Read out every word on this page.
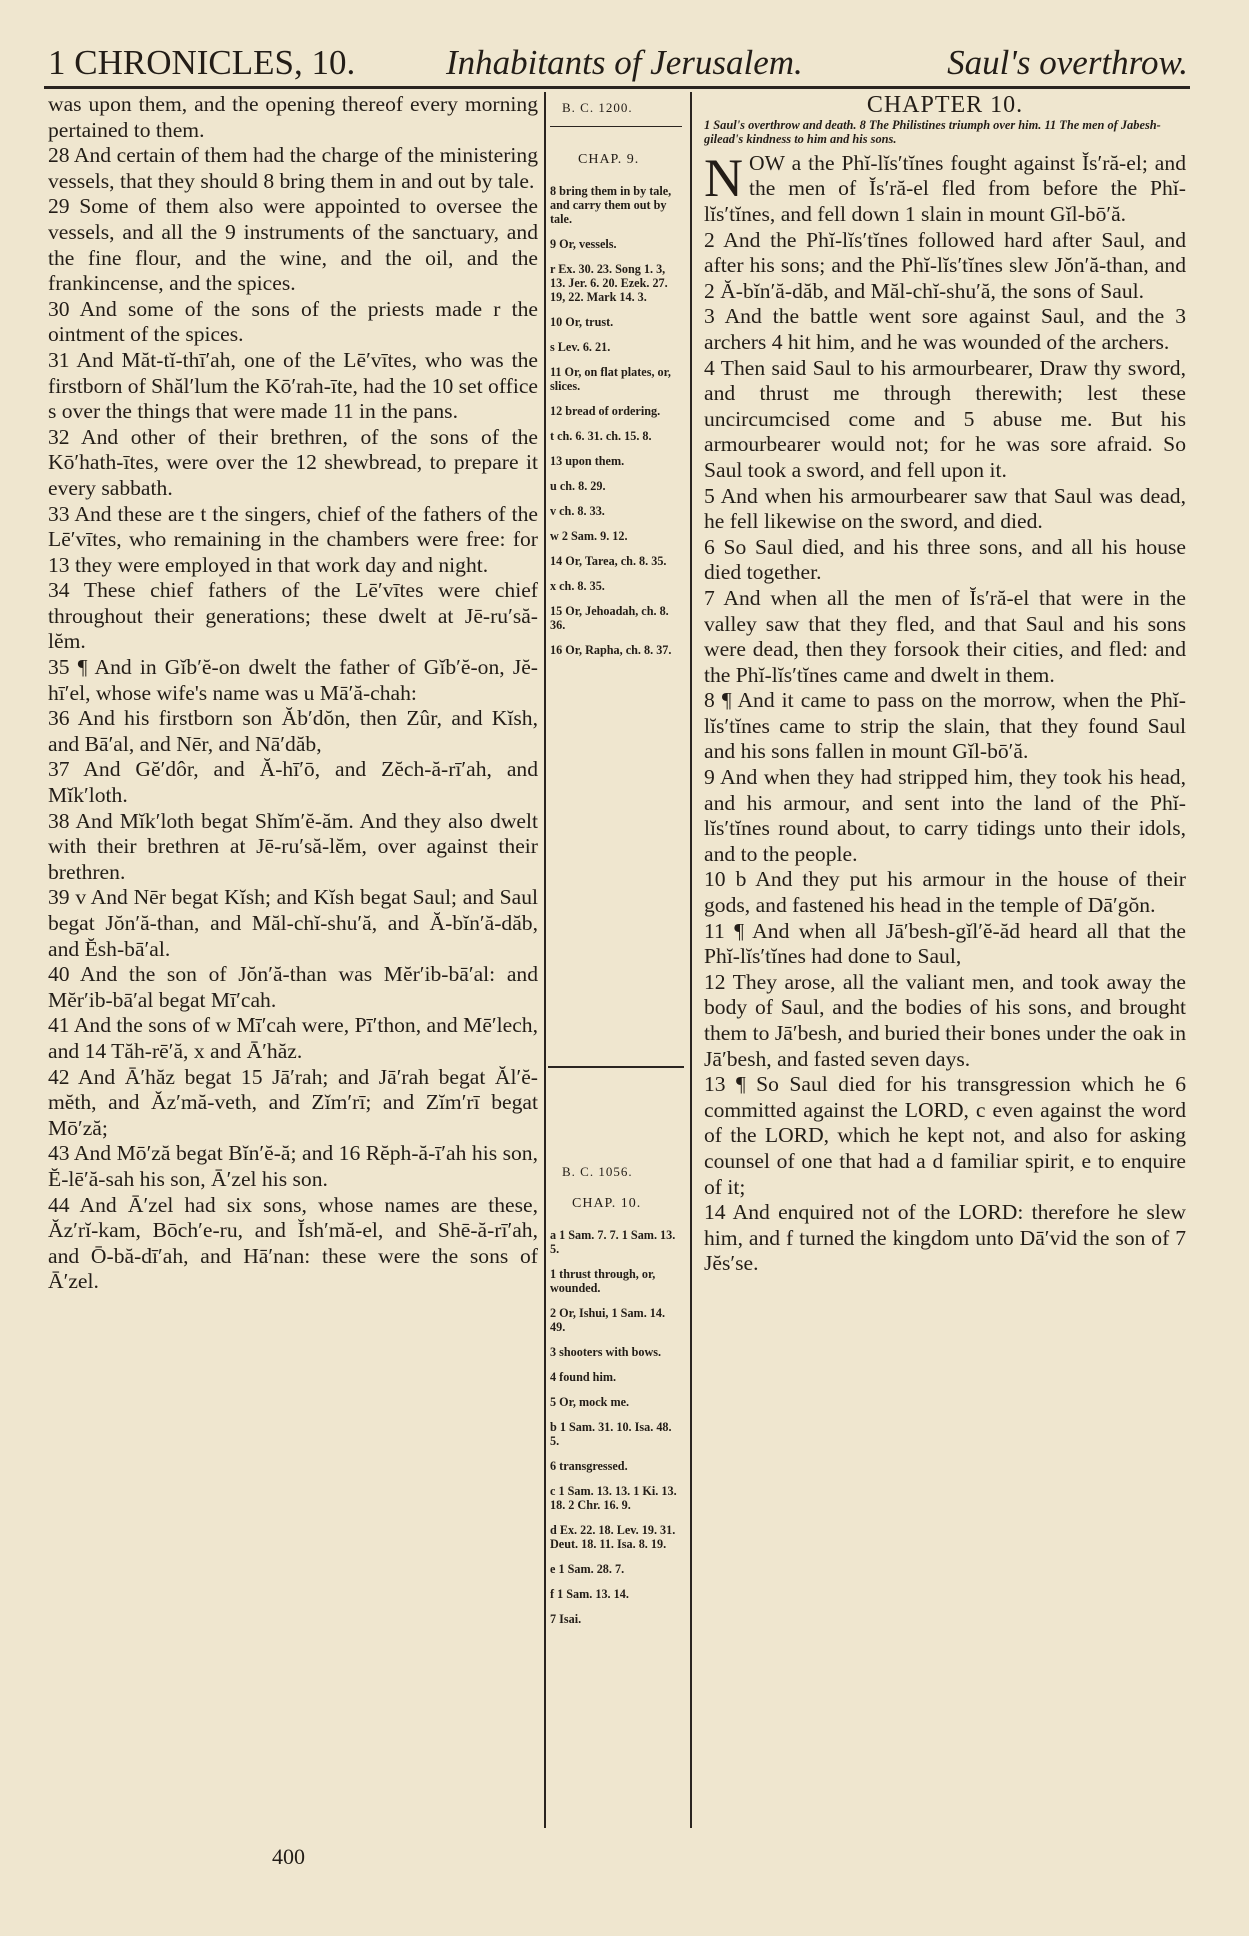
1 CHRONICLES, 10.	Inhabitants of Jerusalem.	Saul's overthrow.

was upon them, and the opening thereof every morning pertained to them.

28 And certain of them had the charge of the ministering vessels, that they should 8 bring them in and out by tale.

29 Some of them also were appointed to oversee the vessels, and all the 9 instruments of the sanctuary, and the fine flour, and the wine, and the oil, and the frankincense, and the spices.

30 And some of the sons of the priests made r the ointment of the spices.

31 And Măt-tĭ-thī′ah, one of the Lē′vītes, who was the firstborn of Shăl′lum the Kō′rah-īte, had the 10 set office s over the things that were made 11 in the pans.

32 And other of their brethren, of the sons of the Kō′hath-ītes, were over the 12 shewbread, to prepare it every sabbath.

33 And these are t the singers, chief of the fathers of the Lē′vītes, who remaining in the chambers were free: for 13 they were employed in that work day and night.

34 These chief fathers of the Lē′vītes were chief throughout their generations; these dwelt at Jē-ru′să-lĕm.

35 ¶ And in Gĭb′ĕ-on dwelt the father of Gĭb′ĕ-on, Jĕ-hī′el, whose wife's name was u Mā′ă-chah:

36 And his firstborn son Ăb′dŏn, then Zûr, and Kĭsh, and Bā′al, and Nēr, and Nā′dăb,

37 And Gĕ′dôr, and Ă-hī′ō, and Zĕch-ă-rī′ah, and Mĭk′loth.

38 And Mĭk′loth begat Shĭm′ĕ-ăm. And they also dwelt with their brethren at Jē-ru′să-lĕm, over against their brethren.

39 v And Nēr begat Kĭsh; and Kĭsh begat Saul; and Saul begat Jŏn′ă-than, and Măl-chĭ-shu′ă, and Ă-bĭn′ă-dăb, and Ĕsh-bā′al.

40 And the son of Jŏn′ă-than was Mĕr′ib-bā′al: and Mĕr′ib-bā′al begat Mī′cah.

41 And the sons of w Mī′cah were, Pī′thon, and Mē′lech, and 14 Tăh-rē′ă, x and Ā′hăz.

42 And Ā′hăz begat 15 Jā′rah; and Jā′rah begat Ăl′ĕ-mĕth, and Ăz′mă-veth, and Zĭm′rī; and Zĭm′rī begat Mō′ză;

43 And Mō′ză begat Bĭn′ĕ-ă; and 16 Rĕph-ă-ī′ah his son, Ĕ-lē′ă-sah his son, Ā′zel his son.

44 And Ā′zel had six sons, whose names are these, Ăz′rĭ-kam, Bōch′e-ru, and Ĭsh′mă-el, and Shē-ă-rī′ah, and Ō-bă-dī′ah, and Hā′nan: these were the sons of Ā′zel.

B. C. 1200.
CHAP. 9.

8 bring them in by tale, and carry them out by tale.

9 Or, vessels.

r Ex. 30. 23. Song 1. 3, 13. Jer. 6. 20. Ezek. 27. 19, 22. Mark 14. 3.

10 Or, trust.

s Lev. 6. 21.

11 Or, on flat plates, or, slices.

12 bread of ordering.

t ch. 6. 31. ch. 15. 8.

13 upon them.

u ch. 8. 29.

v ch. 8. 33.

w 2 Sam. 9. 12.

14 Or, Tarea, ch. 8. 35.

x ch. 8. 35.

15 Or, Jehoadah, ch. 8. 36.

16 Or, Rapha, ch. 8. 37.

B. C. 1056.
CHAP. 10.

a 1 Sam. 7. 7. 1 Sam. 13. 5.

1 thrust through, or, wounded.

2 Or, Ishui, 1 Sam. 14. 49.

3 shooters with bows.

4 found him.

5 Or, mock me.

b 1 Sam. 31. 10. Isa. 48. 5.

6 transgressed.

c 1 Sam. 13. 13. 1 Ki. 13. 18. 2 Chr. 16. 9.

d Ex. 22. 18. Lev. 19. 31. Deut. 18. 11. Isa. 8. 19.

e 1 Sam. 28. 7.

f 1 Sam. 13. 14.

7 Isai.

CHAPTER 10.

1 Saul's overthrow and death. 8 The Philistines triumph over him. 11 The men of Jabesh-gilead's kindness to him and his sons.

NOW a the Phĭ-lĭs′tĭnes fought against Ĭs′ră-el; and the men of Ĭs′ră-el fled from before the Phĭ-lĭs′tĭnes, and fell down 1 slain in mount Gĭl-bō′ă.

2 And the Phĭ-lĭs′tĭnes followed hard after Saul, and after his sons; and the Phĭ-lĭs′tĭnes slew Jŏn′ă-than, and 2 Ă-bĭn′ă-dăb, and Măl-chĭ-shu′ă, the sons of Saul.

3 And the battle went sore against Saul, and the 3 archers 4 hit him, and he was wounded of the archers.

4 Then said Saul to his armourbearer, Draw thy sword, and thrust me through therewith; lest these uncircumcised come and 5 abuse me. But his armourbearer would not; for he was sore afraid. So Saul took a sword, and fell upon it.

5 And when his armourbearer saw that Saul was dead, he fell likewise on the sword, and died.

6 So Saul died, and his three sons, and all his house died together.

7 And when all the men of Ĭs′ră-el that were in the valley saw that they fled, and that Saul and his sons were dead, then they forsook their cities, and fled: and the Phĭ-lĭs′tĭnes came and dwelt in them.

8 ¶ And it came to pass on the morrow, when the Phĭ-lĭs′tĭnes came to strip the slain, that they found Saul and his sons fallen in mount Gĭl-bō′ă.

9 And when they had stripped him, they took his head, and his armour, and sent into the land of the Phĭ-lĭs′tĭnes round about, to carry tidings unto their idols, and to the people.

10 b And they put his armour in the house of their gods, and fastened his head in the temple of Dā′gŏn.

11 ¶ And when all Jā′besh-gĭl′ĕ-ăd heard all that the Phĭ-lĭs′tĭnes had done to Saul,

12 They arose, all the valiant men, and took away the body of Saul, and the bodies of his sons, and brought them to Jā′besh, and buried their bones under the oak in Jā′besh, and fasted seven days.

13 ¶ So Saul died for his transgression which he 6 committed against the LORD, c even against the word of the LORD, which he kept not, and also for asking counsel of one that had a d familiar spirit, e to enquire of it;

14 And enquired not of the LORD: therefore he slew him, and f turned the kingdom unto Dā′vid the son of 7 Jĕs′se.

400
